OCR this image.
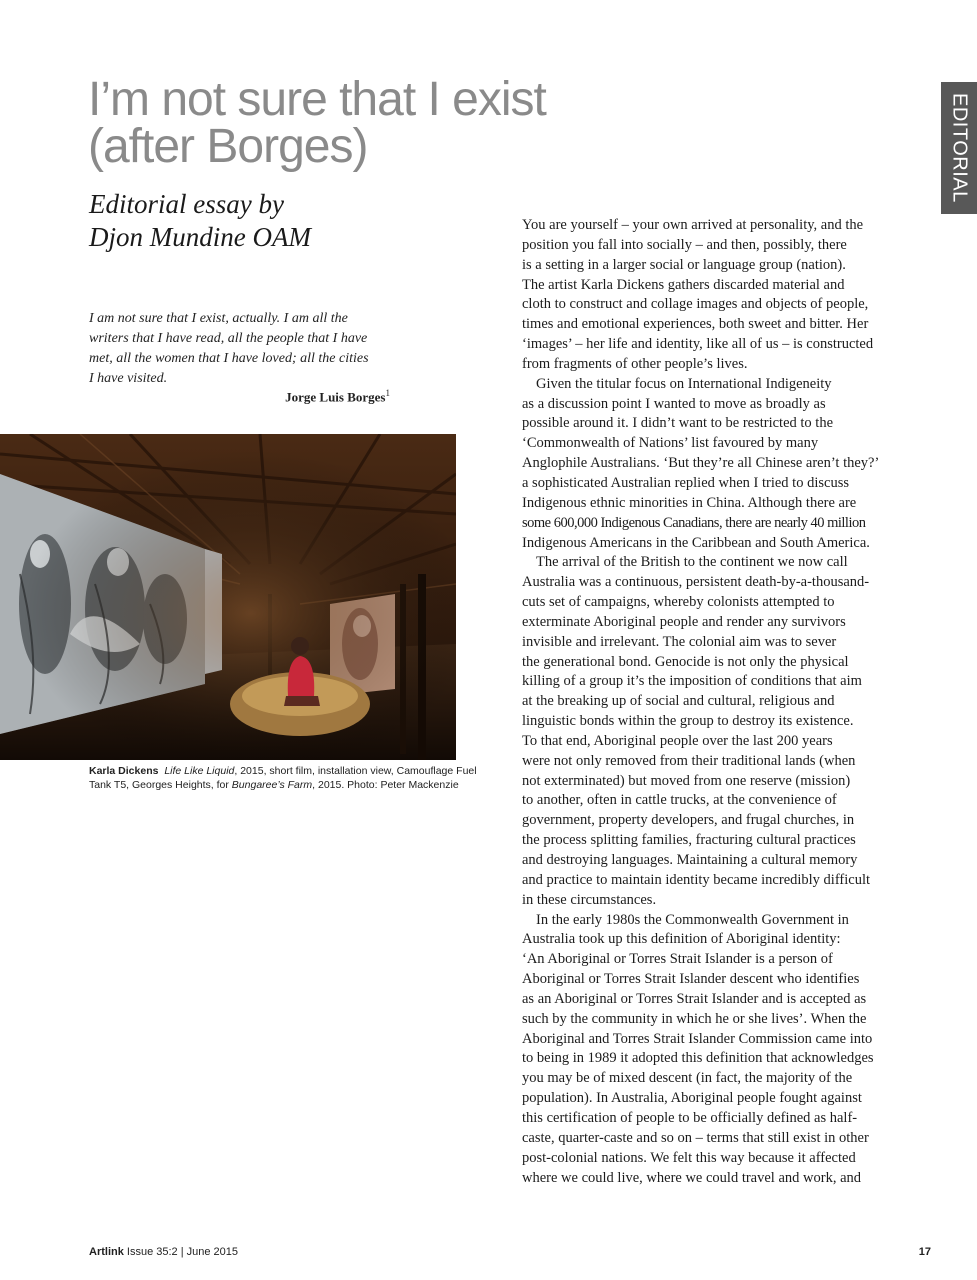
I’m not sure that I exist
(after Borges)
Editorial essay by
Djon Mundine OAM
EDITORIAL
I am not sure that I exist, actually. I am all the
writers that I have read, all the people that I have
met, all the women that I have loved; all the cities
I have visited.
Jorge Luis Borges$^1$
Karla Dickens Life Like Liquid, 2015, short film, installation view, Camouflage Fuel
Tank T5, Georges Heights, for Bungaree’s Farm, 2015. Photo: Peter Mackenzie
You are yourself – your own arrived at personality, and the
position you fall into socially – and then, possibly, there
is a setting in a larger social or language group (nation).
The artist Karla Dickens gathers discarded material and
cloth to construct and collage images and objects of people,
times and emotional experiences, both sweet and bitter. Her
‘images’ – her life and identity, like all of us – is constructed
from fragments of other people’s lives.
Given the titular focus on International Indigeneity
as a discussion point I wanted to move as broadly as
possible around it. I didn’t want to be restricted to the
‘Commonwealth of Nations’ list favoured by many
Anglophile Australians. ‘But they’re all Chinese aren’t they?’
a sophisticated Australian replied when I tried to discuss
Indigenous ethnic minorities in China. Although there are
some 600,000 Indigenous Canadians, there are nearly 40 million
Indigenous Americans in the Caribbean and South America.
The arrival of the British to the continent we now call
Australia was a continuous, persistent death-by-a-thousand-
cuts set of campaigns, whereby colonists attempted to
exterminate Aboriginal people and render any survivors
invisible and irrelevant. The colonial aim was to sever
the generational bond. Genocide is not only the physical
killing of a group it’s the imposition of conditions that aim
at the breaking up of social and cultural, religious and
linguistic bonds within the group to destroy its existence.
To that end, Aboriginal people over the last 200 years
were not only removed from their traditional lands (when
not exterminated) but moved from one reserve (mission)
to another, often in cattle trucks, at the convenience of
government, property developers, and frugal churches, in
the process splitting families, fracturing cultural practices
and destroying languages. Maintaining a cultural memory
and practice to maintain identity became incredibly difficult
in these circumstances.
In the early 1980s the Commonwealth Government in
Australia took up this definition of Aboriginal identity:
‘An Aboriginal or Torres Strait Islander is a person of
Aboriginal or Torres Strait Islander descent who identifies
as an Aboriginal or Torres Strait Islander and is accepted as
such by the community in which he or she lives’. When the
Aboriginal and Torres Strait Islander Commission came into
to being in 1989 it adopted this definition that acknowledges
you may be of mixed descent (in fact, the majority of the
population). In Australia, Aboriginal people fought against
this certification of people to be officially defined as half-
caste, quarter-caste and so on – terms that still exist in other
post-colonial nations. We felt this way because it affected
where we could live, where we could travel and work, and
Artlink Issue 35:2 | June 2015	17
